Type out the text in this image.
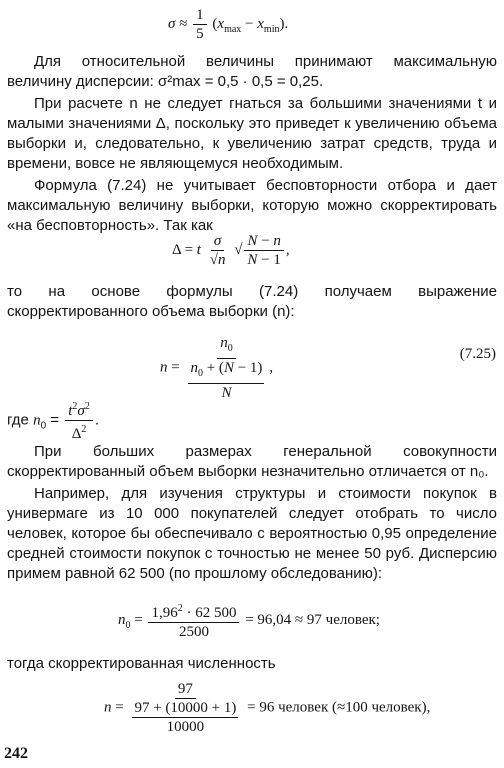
$\sigma \approx \frac{1}{5} (x_{max} - x_{min})$.

Для относительной величины принимают максимальную величину дисперсии: σ²max = 0,5 · 0,5 = 0,25.

При расчете n не следует гнаться за большими значениями t и малыми значениями Δ, поскольку это приведет к увеличению объема выборки и, следовательно, к увеличению затрат средств, труда и времени, вовсе не являющемуся необходимым.

Формула (7.24) не учитывает бесповторности отбора и дает максимальную величину выборки, которую можно скорректировать «на бесповторность». Так как

Δ = t $\frac{\sigma}{√n}$ √ $\frac{N - n}{N - 1}$ ,

то на основе формулы (7.24) получаем выражение скорректированного объема выборки (n):

$n = n_0$
$n_0 + (N - 1)$
N ,
(7.25)
где $n_0 = \frac{t^2\sigma^2}{\Delta^2}$ .

При больших размерах генеральной совокупности скорректированный объем выборки незначительно отличается от n₀.

Например, для изучения структуры и стоимости покупок в универмаге из 10 000 покупателей следует отобрать то число человек, которое бы обеспечивало с вероятностью 0,95 определение средней стоимости покупок с точностью не менее 50 руб. Дисперсию примем равной 62 500 (по прошлому обследованию):

$n_0 = \frac{1,96^2 \cdot 62 500}{2500} = 96,04 \approx 97$ человек;

тогда скорректированная численность

n = 97
97 + (10000 + 1)
10000 = 96 человек (≈100 человек),
242
